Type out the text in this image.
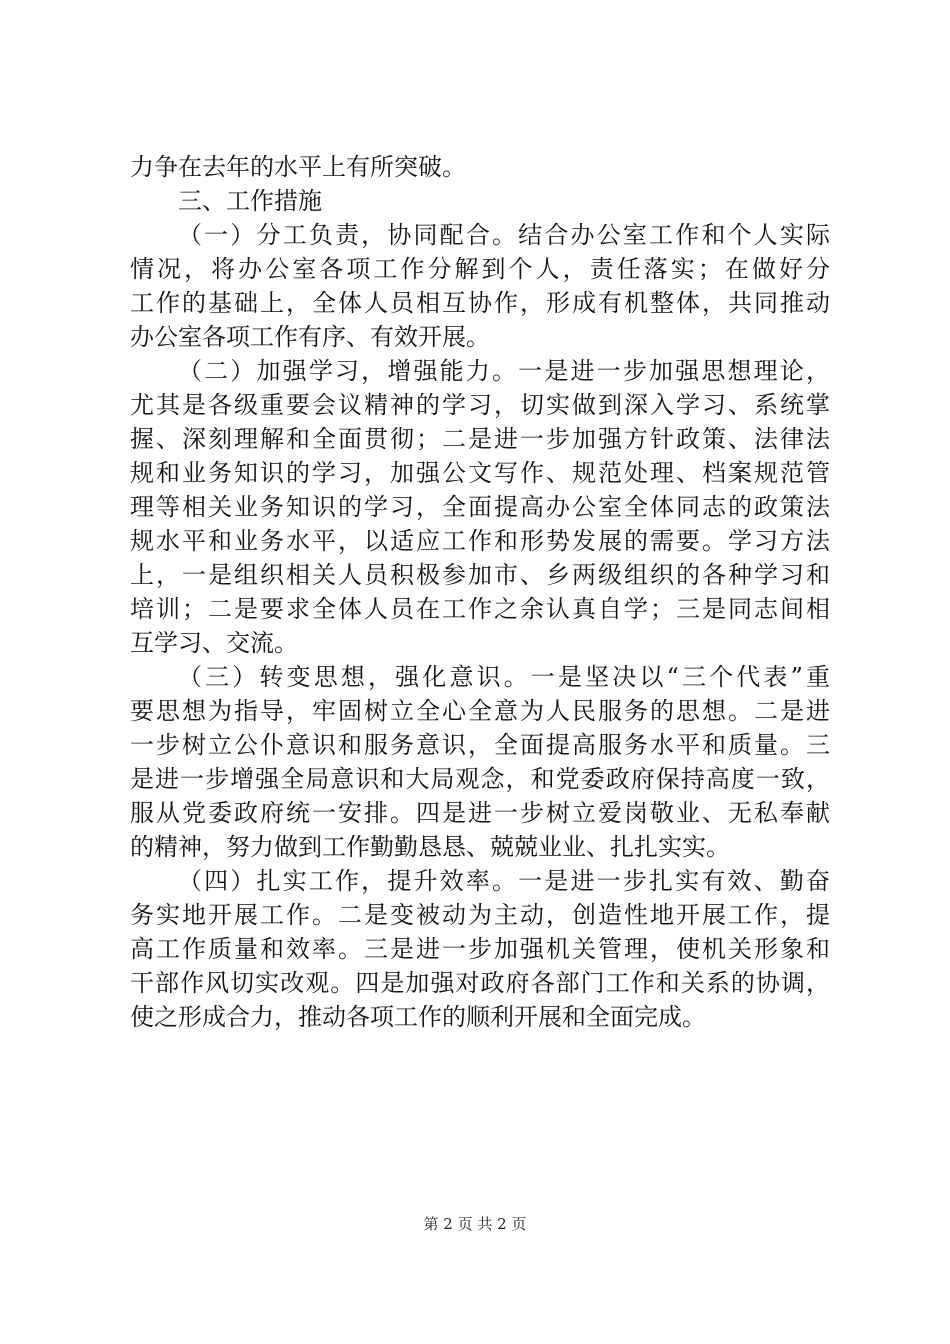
力争在去年的水平上有所突破。
三、工作措施
（一）分工负责，协同配合。结合办公室工作和个人实际
情况，将办公室各项工作分解到个人，责任落实；在做好分
工作的基础上，全体人员相互协作，形成有机整体，共同推动
办公室各项工作有序、有效开展。
（二）加强学习，增强能力。一是进一步加强思想理论，
尤其是各级重要会议精神的学习，切实做到深入学习、系统掌
握、深刻理解和全面贯彻；二是进一步加强方针政策、法律法
规和业务知识的学习，加强公文写作、规范处理、档案规范管
理等相关业务知识的学习，全面提高办公室全体同志的政策法
规水平和业务水平，以适应工作和形势发展的需要。学习方法
上，一是组织相关人员积极参加市、乡两级组织的各种学习和
培训；二是要求全体人员在工作之余认真自学；三是同志间相
互学习、交流。
（三）转变思想，强化意识。一是坚决以“三个代表”重
要思想为指导，牢固树立全心全意为人民服务的思想。二是进
一步树立公仆意识和服务意识，全面提高服务水平和质量。三
是进一步增强全局意识和大局观念，和党委政府保持高度一致，
服从党委政府统一安排。四是进一步树立爱岗敬业、无私奉献
的精神，努力做到工作勤勤恳恳、兢兢业业、扎扎实实。
（四）扎实工作，提升效率。一是进一步扎实有效、勤奋
务实地开展工作。二是变被动为主动，创造性地开展工作，提
高工作质量和效率。三是进一步加强机关管理，使机关形象和
干部作风切实改观。四是加强对政府各部门工作和关系的协调，
使之形成合力，推动各项工作的顺利开展和全面完成。
第 2 页 共 2 页
